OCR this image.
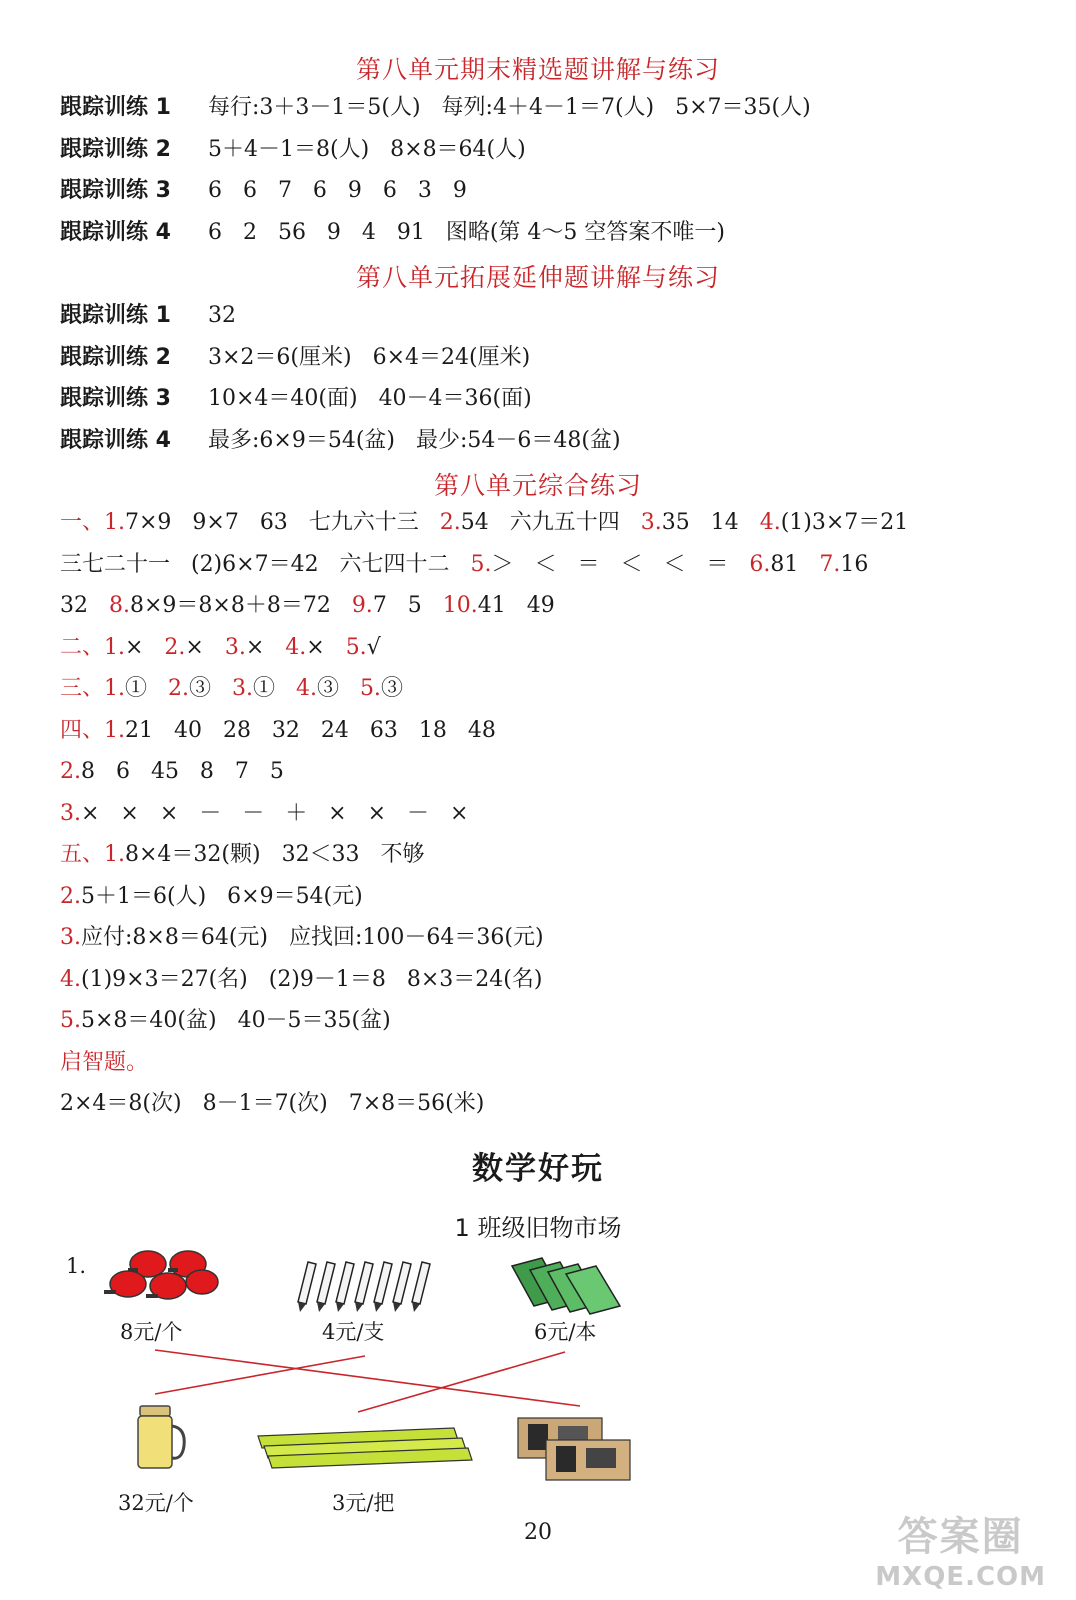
第八单元期末精选题讲解与练习
跟踪训练 1 每行:3＋3－1＝5(人)   每列:4＋4－1＝7(人)   5×7＝35(人)
跟踪训练 2 5＋4－1＝8(人)   8×8＝64(人)
跟踪训练 3 6   6   7   6   9   6   3   9
跟踪训练 4 6   2   56   9   4   91   图略(第 4～5 空答案不唯一)
第八单元拓展延伸题讲解与练习
跟踪训练 1 32
跟踪训练 2 3×2＝6(厘米)   6×4＝24(厘米)
跟踪训练 3 10×4＝40(面)   40－4＝36(面)
跟踪训练 4 最多:6×9＝54(盆)   最少:54－6＝48(盆)
第八单元综合练习
一、1.7×9   9×7   63   七九六十三   2.54   六九五十四   3.35   14   4.(1)3×7＝21
三七二十一   (2)6×7＝42   六七四十二   5.＞   ＜   ＝   ＜   ＜   ＝   6.81   7.16
32   8.8×9＝8×8＋8＝72   9.7   5   10.41   49
二、1.×   2.×   3.×   4.×   5.√
三、1.①   2.③   3.①   4.③   5.③
四、1.21   40   28   32   24   63   18   48
2.8   6   45   8   7   5
3.×   ×   ×   －   －   ＋   ×   ×   －   ×
五、1.8×4＝32(颗)   32＜33   不够
2.5＋1＝6(人)   6×9＝54(元)
3.应付:8×8＝64(元)   应找回:100－64＝36(元)
4.(1)9×3＝27(名)   (2)9－1＝8   8×3＝24(名)
5.5×8＝40(盆)   40－5＝35(盆)
启智题。
2×4＝8(次)   8－1＝7(次)   7×8＝56(米)
数学好玩
1 班级旧物市场
1.
8元/个	4元/支	6元/本
32元/个	3元/把
20	答案圈
MXQE.COM
